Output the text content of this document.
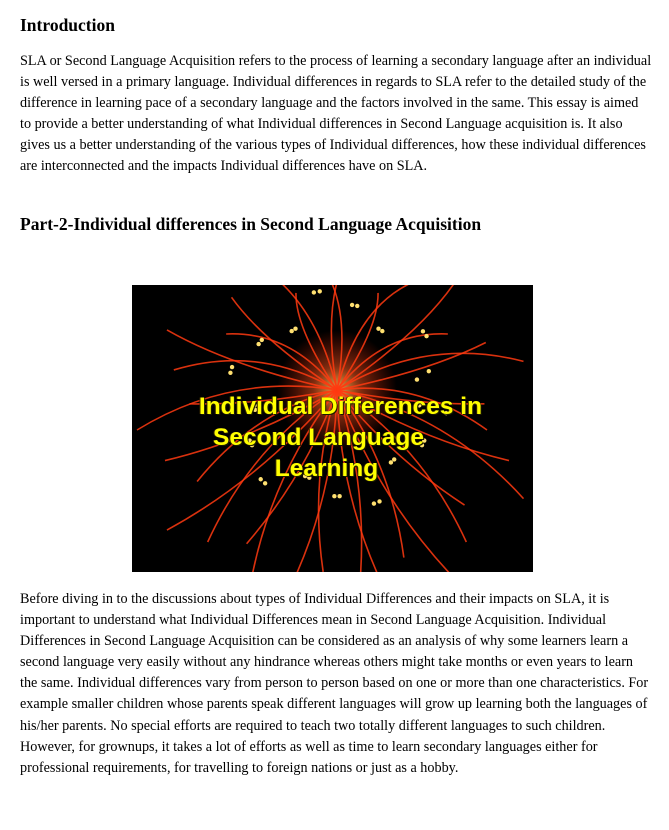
Introduction

SLA or Second Language Acquisition refers to the process of learning a secondary language after an individual is well versed in a primary language. Individual differences in regards to SLA refer to the detailed study of the difference in learning pace of a secondary language and the factors involved in the same. This essay is aimed to provide a better understanding of what Individual differences in Second Language acquisition is. It also gives us a better understanding of the various types of Individual differences, how these individual differences are interconnected and the impacts Individual differences have on SLA.

Part-2-Individual differences in Second Language Acquisition

Before diving in to the discussions about types of Individual Differences and their impacts on SLA, it is important to understand what Individual Differences mean in Second Language Acquisition. Individual Differences in Second Language Acquisition can be considered as an analysis of why some learners learn a second language very easily without any hindrance whereas others might take months or even years to learn the same. Individual differences vary from person to person based on one or more than one characteristics. For example smaller children whose parents speak different languages will grow up learning both the languages of his/her parents. No special efforts are required to teach two totally different languages to such children. However, for grownups, it takes a lot of efforts as well as time to learn secondary languages either for professional requirements, for travelling to foreign nations or just as a hobby.

Individual Differences in
Second Language
Learning
